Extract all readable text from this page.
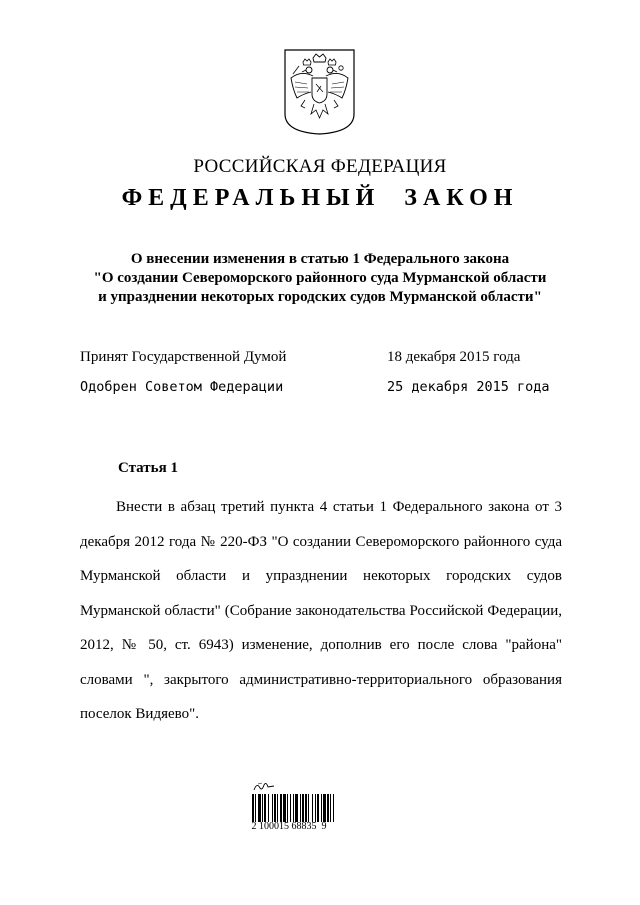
РОССИЙСКАЯ ФЕДЕРАЦИЯ
ФЕДЕРАЛЬНЫЙ  ЗАКОН
О внесении изменения в статью 1 Федерального закона
"О создании Североморского районного суда Мурманской области
и упразднении некоторых городских судов Мурманской области"
Принят Государственной Думой	18 декабря 2015 года
Одобрен Советом Федерации	25 декабря 2015 года
Статья 1

Внести в абзац третий пункта 4 статьи 1 Федерального закона от 3 декабря 2012 года № 220-ФЗ "О создании Североморского районного суда Мурманской области и упразднении некоторых городских судов Мурманской области" (Собрание законодательства Российской Федерации, 2012, № 50, ст. 6943) изменение, дополнив его после слова "района" словами ", закрытого административно-территориального образования поселок Видяево".

2 100015 68835  9
